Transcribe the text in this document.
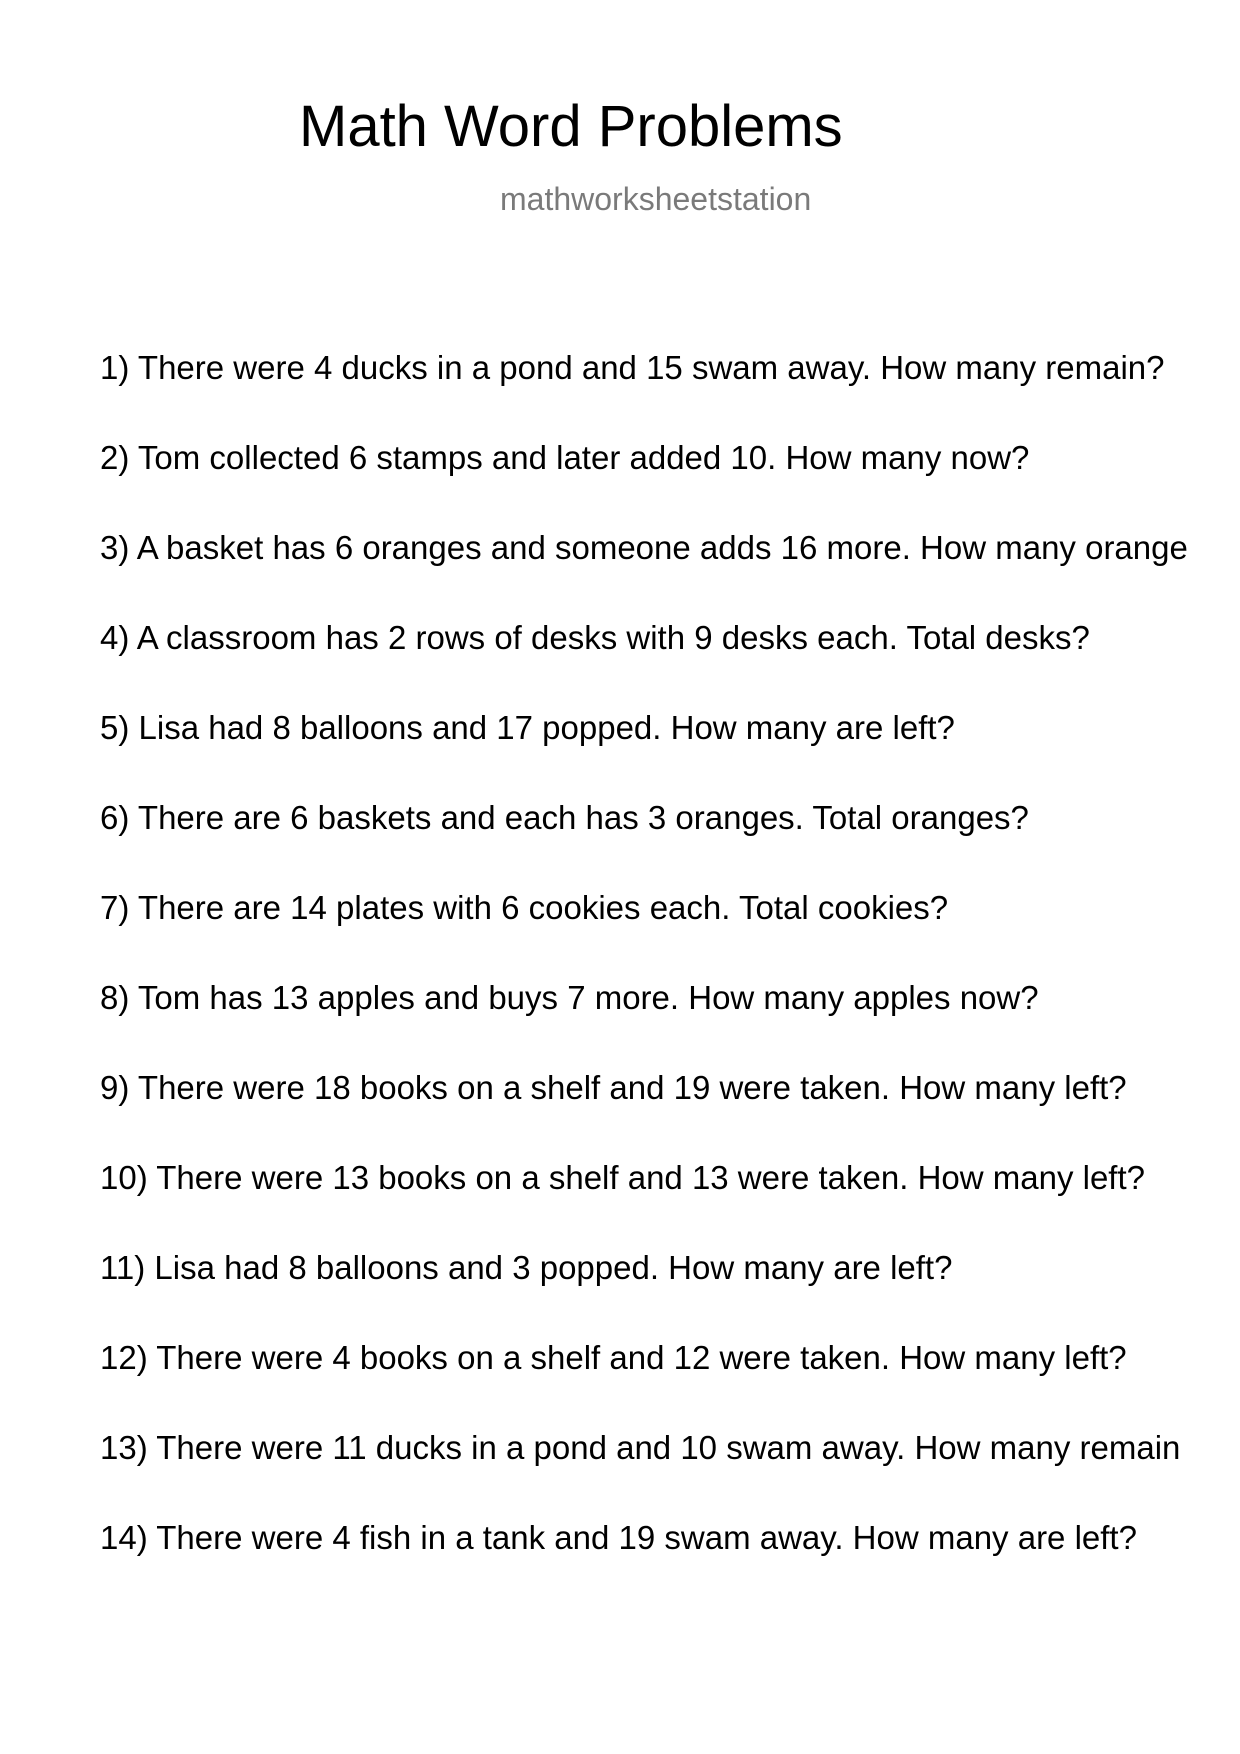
Math Word Problems
mathworksheetstation
1) There were 4 ducks in a pond and 15 swam away. How many remain?
2) Tom collected 6 stamps and later added 10. How many now?
3) A basket has 6 oranges and someone adds 16 more. How many orange
4) A classroom has 2 rows of desks with 9 desks each. Total desks?
5) Lisa had 8 balloons and 17 popped. How many are left?
6) There are 6 baskets and each has 3 oranges. Total oranges?
7) There are 14 plates with 6 cookies each. Total cookies?
8) Tom has 13 apples and buys 7 more. How many apples now?
9) There were 18 books on a shelf and 19 were taken. How many left?
10) There were 13 books on a shelf and 13 were taken. How many left?
11) Lisa had 8 balloons and 3 popped. How many are left?
12) There were 4 books on a shelf and 12 were taken. How many left?
13) There were 11 ducks in a pond and 10 swam away. How many remain
14) There were 4 fish in a tank and 19 swam away. How many are left?
